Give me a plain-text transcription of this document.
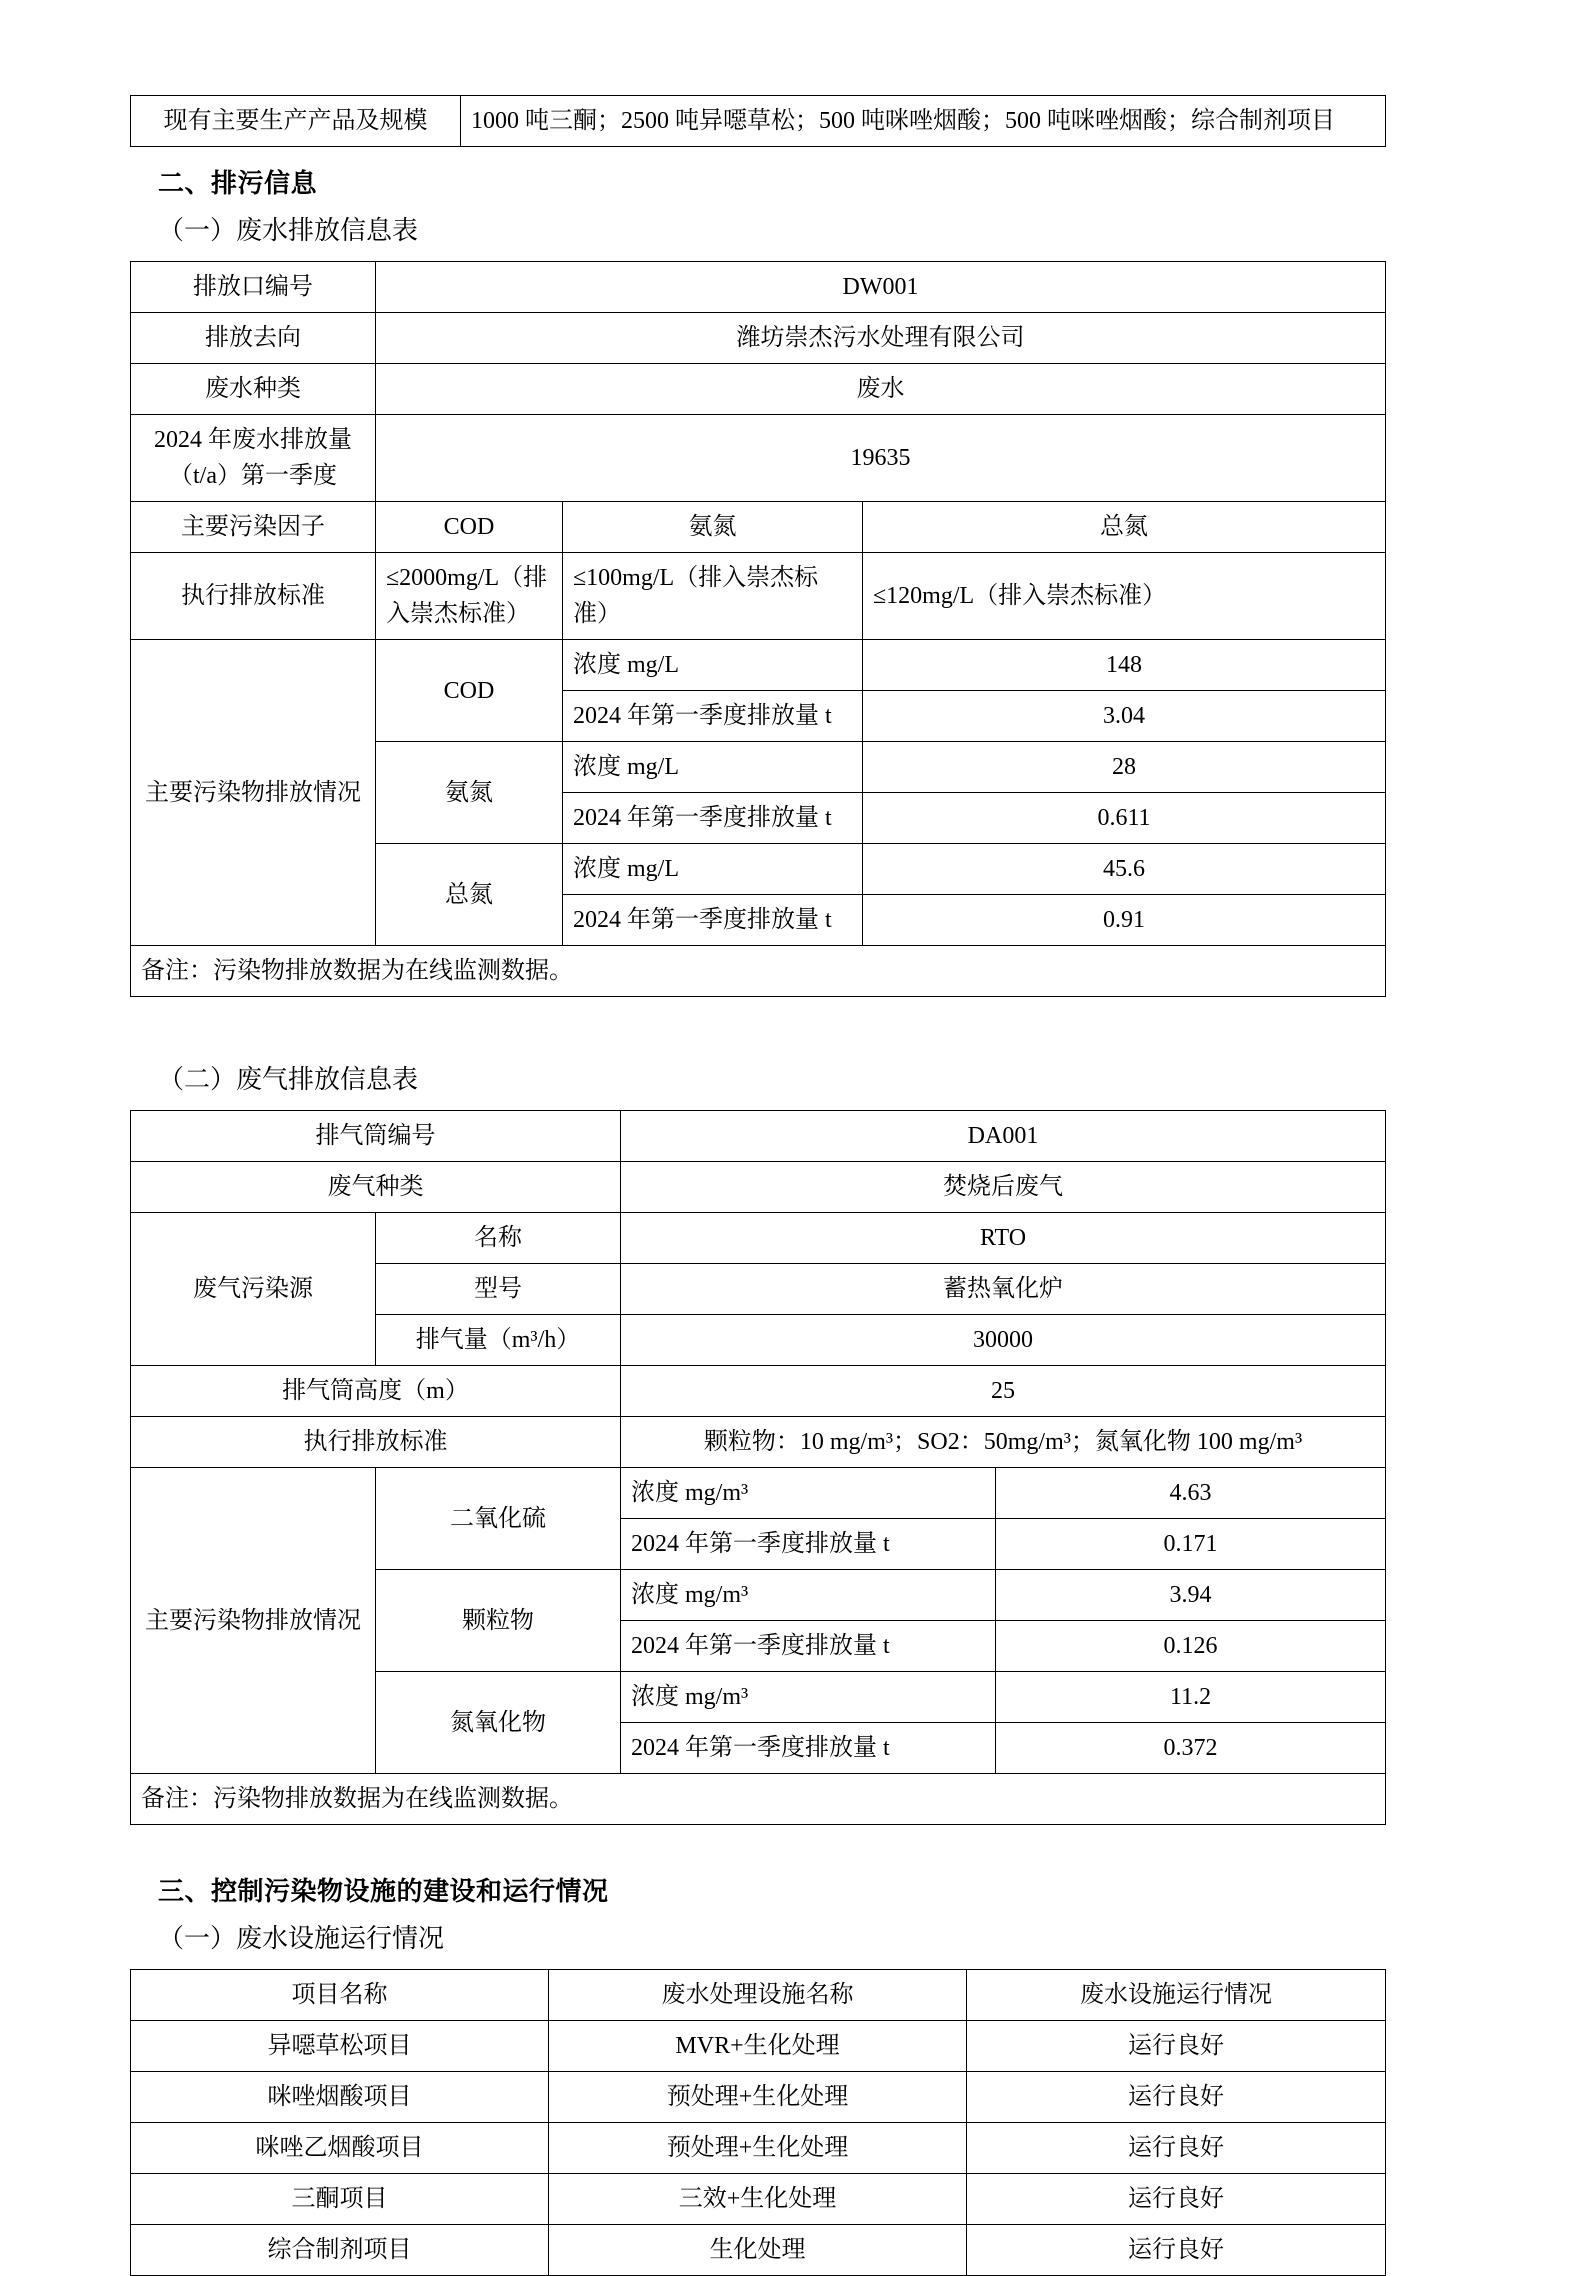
现有主要生产产品及规模	1000 吨三酮；2500 吨异噁草松；500 吨咪唑烟酸；500 吨咪唑烟酸；综合制剂项目
二、排污信息
（一）废水排放信息表
排放口编号	DW001		
排放去向	潍坊崇杰污水处理有限公司		
废水种类	废水		
2024 年废水排放量
（t/a）第一季度	19635		
主要污染因子	COD	氨氮	总氮
执行排放标准	≤2000mg/L（排入崇杰标准）	≤100mg/L（排入崇杰标准）	≤120mg/L（排入崇杰标准）
主要污染物排放情况	COD	浓度 mg/L	148
		2024 年第一季度排放量 t	3.04
	氨氮	浓度 mg/L	28
		2024 年第一季度排放量 t	0.611
	总氮	浓度 mg/L	45.6
		2024 年第一季度排放量 t	0.91
备注：污染物排放数据为在线监测数据。			
（二）废气排放信息表
排气筒编号		DA001	
废气种类		焚烧后废气	
废气污染源	名称	RTO	
	型号	蓄热氧化炉	
	排气量（m³/h）	30000	
排气筒高度（m）		25	
执行排放标准		颗粒物：10 mg/m³；SO2：50mg/m³；氮氧化物 100 mg/m³	
主要污染物排放情况	二氧化硫	浓度 mg/m³	4.63
		2024 年第一季度排放量 t	0.171
	颗粒物	浓度 mg/m³	3.94
		2024 年第一季度排放量 t	0.126
	氮氧化物	浓度 mg/m³	11.2
		2024 年第一季度排放量 t	0.372
备注：污染物排放数据为在线监测数据。			
三、控制污染物设施的建设和运行情况
（一）废水设施运行情况
项目名称	废水处理设施名称	废水设施运行情况
异噁草松项目	MVR+生化处理	运行良好
咪唑烟酸项目	预处理+生化处理	运行良好
咪唑乙烟酸项目	预处理+生化处理	运行良好
三酮项目	三效+生化处理	运行良好
综合制剂项目	生化处理	运行良好
